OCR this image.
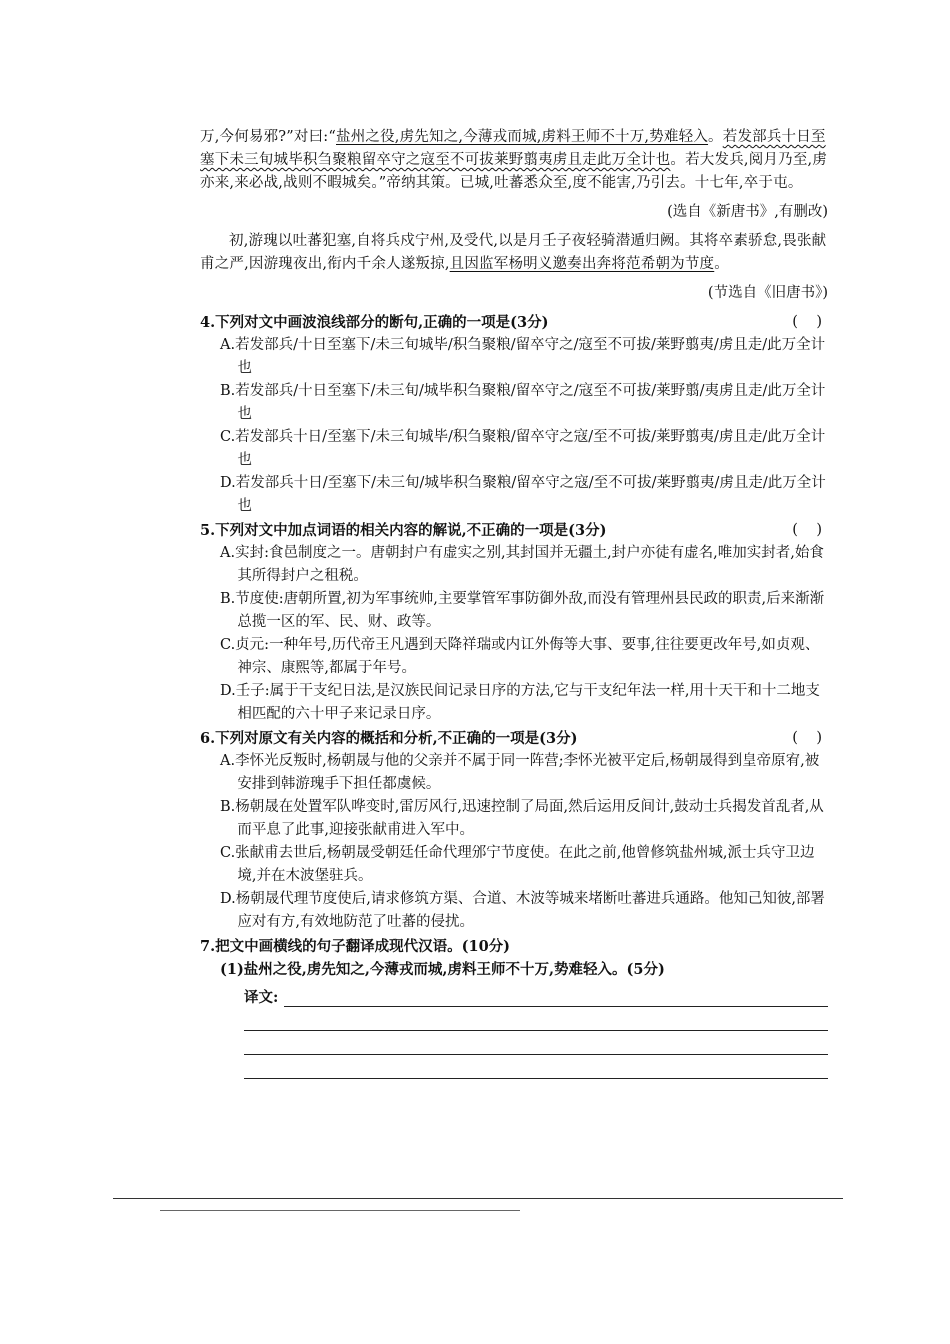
万,今何易邪?”对曰:“盐州之役,虏先知之,今薄戎而城,虏料王师不十万,势难轻入。若发部兵十日至塞下未三旬城毕积刍聚粮留卒守之寇至不可拔莱野翦夷虏且走此万全计也。若大发兵,阅月乃至,虏亦来,来必战,战则不暇城矣。”帝纳其策。已城,吐蕃悉众至,度不能害,乃引去。十七年,卒于屯。

(选自《新唐书》,有删改)

初,游瑰以吐蕃犯塞,自将兵戍宁州,及受代,以是月壬子夜轻骑潜遁归阙。其将卒素骄怠,畏张献甫之严,因游瑰夜出,衔内千余人遂叛掠,且因监军杨明义邀奏出奔将范希朝为节度。

(节选自《旧唐书》)
4.下列对文中画波浪线部分的断句,正确的一项是(3分)	(    )
A.若发部兵/十日至塞下/未三旬城毕/积刍聚粮/留卒守之/寇至不可拔/莱野翦夷/虏且走/此万全计也
B.若发部兵/十日至塞下/未三旬/城毕积刍聚粮/留卒守之/寇至不可拔/莱野翦/夷虏且走/此万全计也
C.若发部兵十日/至塞下/未三旬城毕/积刍聚粮/留卒守之寇/至不可拔/莱野翦夷/虏且走/此万全计也
D.若发部兵十日/至塞下/未三旬/城毕积刍聚粮/留卒守之寇/至不可拔/莱野翦夷/虏且走/此万全计也
5.下列对文中加点词语的相关内容的解说,不正确的一项是(3分)	(    )
A.实封:食邑制度之一。唐朝封户有虚实之别,其封国并无疆土,封户亦徒有虚名,唯加实封者,始食其所得封户之租税。
B.节度使:唐朝所置,初为军事统帅,主要掌管军事防御外敌,而没有管理州县民政的职责,后来渐渐总揽一区的军、民、财、政等。
C.贞元:一种年号,历代帝王凡遇到天降祥瑞或内讧外侮等大事、要事,往往要更改年号,如贞观、神宗、康熙等,都属于年号。
D.壬子:属于干支纪日法,是汉族民间记录日序的方法,它与干支纪年法一样,用十天干和十二地支相匹配的六十甲子来记录日序。
6.下列对原文有关内容的概括和分析,不正确的一项是(3分)	(    )
A.李怀光反叛时,杨朝晟与他的父亲并不属于同一阵营;李怀光被平定后,杨朝晟得到皇帝原宥,被安排到韩游瑰手下担任都虞候。
B.杨朝晟在处置军队哗变时,雷厉风行,迅速控制了局面,然后运用反间计,鼓动士兵揭发首乱者,从而平息了此事,迎接张献甫进入军中。
C.张献甫去世后,杨朝晟受朝廷任命代理邠宁节度使。在此之前,他曾修筑盐州城,派士兵守卫边境,并在木波堡驻兵。
D.杨朝晟代理节度使后,请求修筑方渠、合道、木波等城来堵断吐蕃进兵通路。他知己知彼,部署应对有方,有效地防范了吐蕃的侵扰。
7.把文中画横线的句子翻译成现代汉语。(10分)
(1)盐州之役,虏先知之,今薄戎而城,虏料王师不十万,势难轻入。(5分)
译文:
